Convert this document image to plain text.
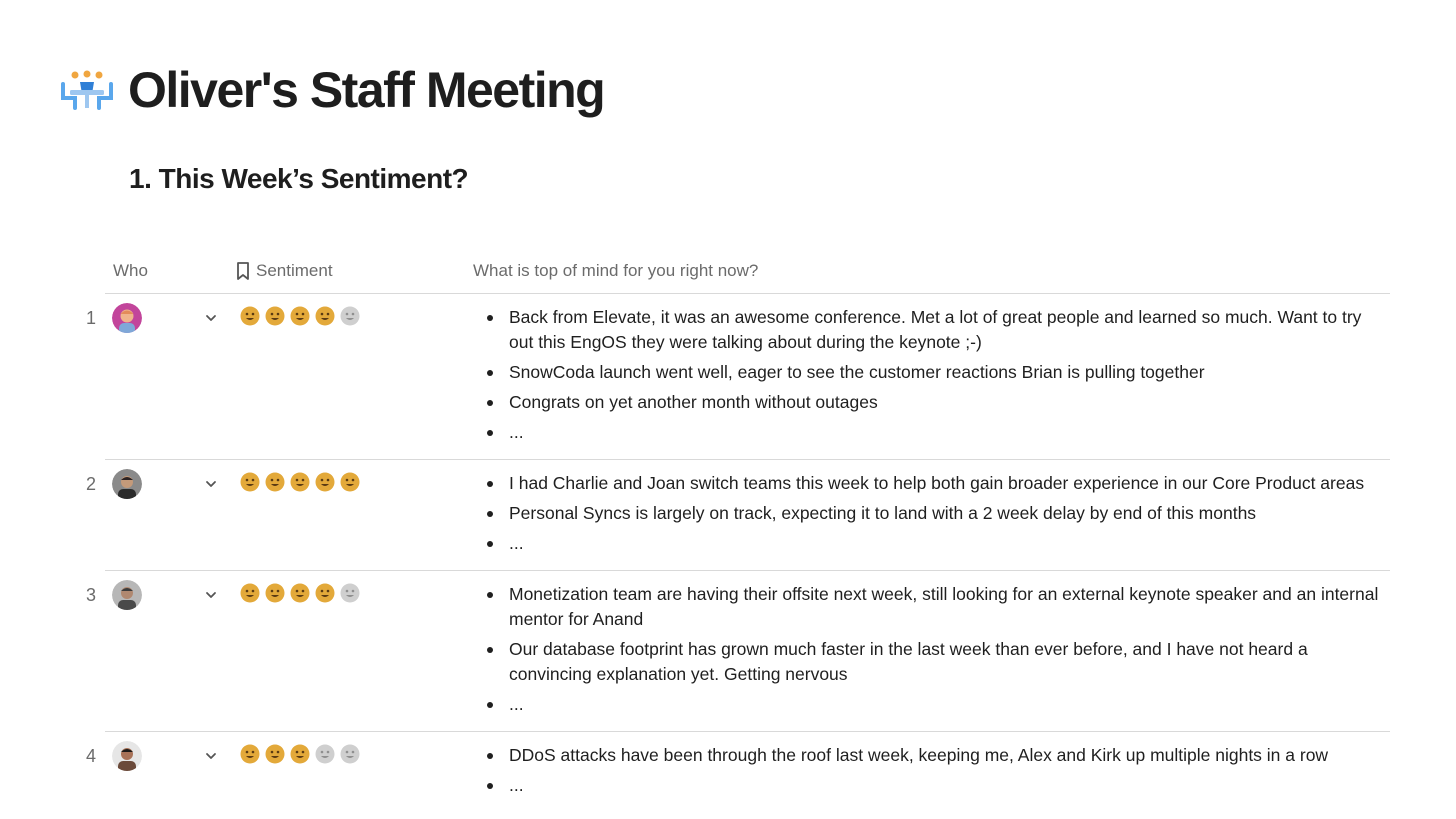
Oliver's Staff Meeting
1. This Week’s Sentiment?
Who	Sentiment	What is top of mind for you right now?
1	Back from Elevate, it was an awesome conference. Met a lot of great people and learned so much. Want to try out this EngOS they were talking about during the keynote ;-)
SnowCoda launch went well, eager to see the customer reactions Brian is pulling together
Congrats on yet another month without outages
...
2	I had Charlie and Joan switch teams this week to help both gain broader experience in our Core Product areas
Personal Syncs is largely on track, expecting it to land with a 2 week delay by end of this months
...
3	Monetization team are having their offsite next week, still looking for an external keynote speaker and an internal mentor for Anand
Our database footprint has grown much faster in the last week than ever before, and I have not heard a convincing explanation yet. Getting nervous
...
4	DDoS attacks have been through the roof last week, keeping me, Alex and Kirk up multiple nights in a row
...
